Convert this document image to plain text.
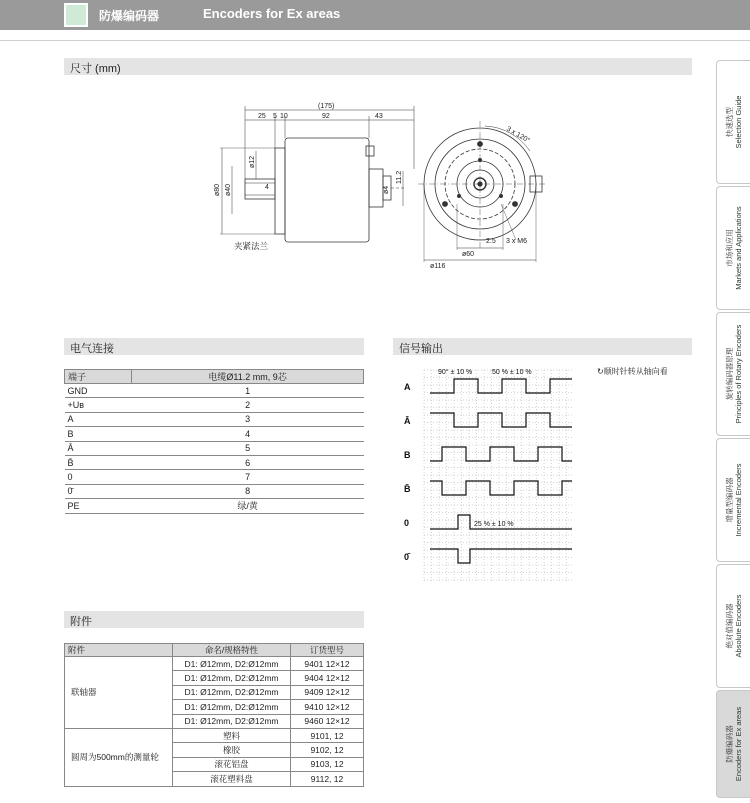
防爆编码器	Encoders for Ex areas
尺寸 (mm)
(175)
25 5 10	92	43
ø80 ø40
ø12
4
11.2
ø4
ø116
ø60
2.5 3 x M6
3 x 120°
夹紧法兰
电气连接
端子	电缆Ø11.2 mm, 9芯
GND	1
+Uв	2
A	3
B	4
Ā	5
B̄	6
0	7
0̄	8
PE	绿/黄
信号输出
↻顺时针转从轴向看
A
Ā
B
B̄
0
0̄
90° ± 10 %	50 % ± 10 %
25 % ± 10 %
附件
附件	命名/规格特性	订货型号
联轴器	D1: Ø12mm, D2:Ø12mm	9401 12×12
	D1: Ø12mm, D2:Ø12mm	9404 12×12
	D1: Ø12mm, D2:Ø12mm	9409 12×12
	D1: Ø12mm, D2:Ø12mm	9410 12×12
	D1: Ø12mm, D2:Ø12mm	9460 12×12
圆周为500mm的测量轮	塑料	9101, 12
	橡胶	9102, 12
	滚花铝盘	9103, 12
	滚花塑料盘	9112, 12
快速选型 Selection Guide
市场和应用 Markets and Applications
旋转编码器原理 Principles of Rotary Encoders
增量型编码器 Incremental Encoders
绝对值编码器 Absolute Encoders
防爆编码器 Encoders for Ex areas
